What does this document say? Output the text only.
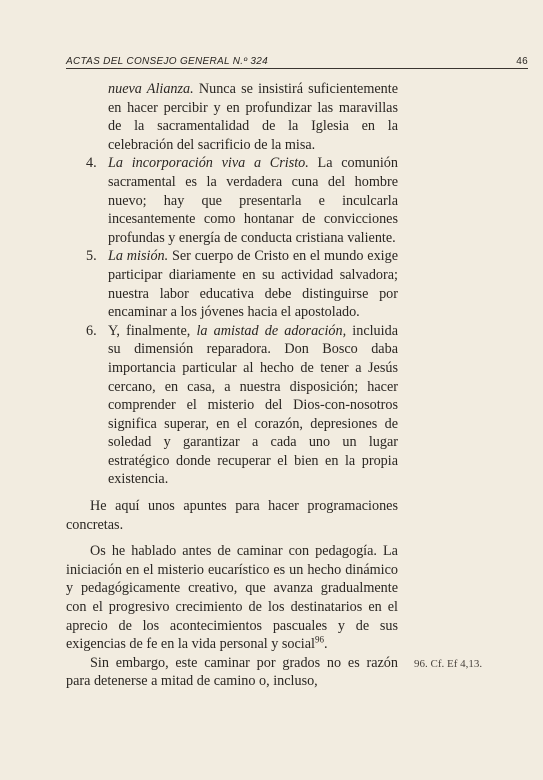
ACTAS DEL CONSEJO GENERAL N.º 324	46

nueva Alianza. Nunca se insistirá suficientemente en hacer percibir y en profundizar las maravillas de la sacramentalidad de la Iglesia en la celebración del sacrificio de la misa.

4. La incorporación viva a Cristo. La comunión sacramental es la verdadera cuna del hombre nuevo; hay que presentarla e inculcarla incesantemente como hontanar de convicciones profundas y energía de conducta cristiana valiente.

5. La misión. Ser cuerpo de Cristo en el mundo exige participar diariamente en su actividad salvadora; nuestra labor educativa debe distinguirse por encaminar a los jóvenes hacia el apostolado.

6. Y, finalmente, la amistad de adoración, incluida su dimensión reparadora. Don Bosco daba importancia particular al hecho de tener a Jesús cercano, en casa, a nuestra disposición; hacer comprender el misterio del Dios-con-nosotros significa superar, en el corazón, depresiones de soledad y garantizar a cada uno un lugar estratégico donde recuperar el bien en la propia existencia.

He aquí unos apuntes para hacer programaciones concretas.

Os he hablado antes de caminar con pedagogía. La iniciación en el misterio eucarístico es un hecho dinámico y pedagógicamente creativo, que avanza gradualmente con el progresivo crecimiento de los destinatarios en el aprecio de los acontecimientos pascuales y de sus exigencias de fe en la vida personal y social$^{96}$.

Sin embargo, este caminar por grados no es razón para detenerse a mitad de camino o, incluso,

96. Cf. Ef 4,13.
